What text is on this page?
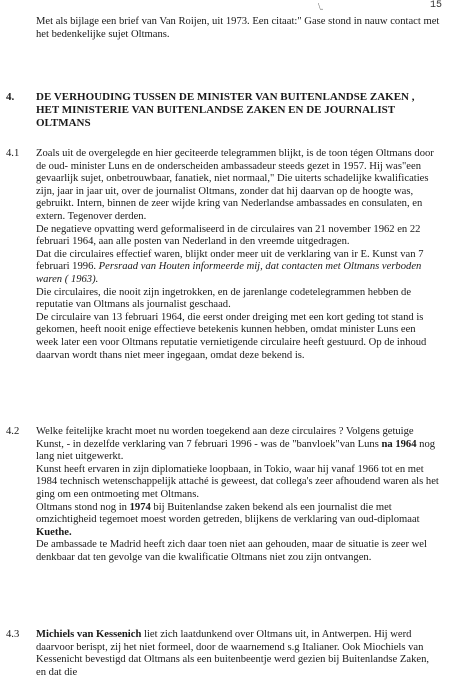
15
\.

Met als bijlage een brief van Van Roijen, uit 1973. Een citaat:" Gase stond in nauw contact met het bedenkelijke sujet Oltmans.

4. DE VERHOUDING TUSSEN DE MINISTER VAN BUITENLANDSE ZAKEN , HET MINISTERIE VAN BUITENLANDSE ZAKEN EN DE JOURNALIST OLTMANS
4.1 Zoals uit de overgelegde en hier geciteerde telegrammen blijkt, is de toon tégen Oltmans door de oud- minister Luns en de onderscheiden ambassadeur steeds gezet in 1957. Hij was"een gevaarlijk sujet, onbetrouwbaar, fanatiek, niet normaal," Die uiterts schadelijke kwalificaties zijn, jaar in jaar uit, over de journalist Oltmans, zonder dat hij daarvan op de hoogte was, gebruikt. Intern, binnen de zeer wijde kring van Nederlandse ambassades en consulaten, en extern. Tegenover derden.

De negatieve opvatting werd geformaliseerd in de circulaires van 21 november 1962 en 22 februari 1964, aan alle posten van Nederland in den vreemde uitgedragen.

Dat die circulaires effectief waren, blijkt onder meer uit de verklaring van ir E. Kunst van 7 februari 1996. Persraad van Houten informeerde mij, dat contacten met Oltmans verboden waren ( 1963).

Die circulaires, die nooit zijn ingetrokken, en de jarenlange codetelegrammen hebben de reputatie van Oltmans als journalist geschaad.

De circulaire van 13 februari 1964, die eerst onder dreiging met een kort geding tot stand is gekomen, heeft nooit enige effectieve betekenis kunnen hebben, omdat minister Luns een week later een voor Oltmans reputatie vernietigende circulaire heeft gestuurd. Op de inhoud daarvan wordt thans niet meer ingegaan, omdat deze bekend is.

4.2 Welke feitelijke kracht moet nu worden toegekend aan deze circulaires ? Volgens getuige Kunst, - in dezelfde verklaring van 7 februari 1996 - was de "banvloek"van Luns na 1964 nog lang niet uitgewerkt.

Kunst heeft ervaren in zijn diplomatieke loopbaan, in Tokio, waar hij vanaf 1966 tot en met 1984 technisch wetenschappelijk attaché is geweest, dat collega's zeer afhoudend waren als het ging om een ontmoeting met Oltmans.

Oltmans stond nog in 1974 bij Buitenlandse zaken bekend als een journalist die met omzichtigheid tegemoet moest worden getreden, blijkens de verklaring van oud-diplomaat Kuethe.

De ambassade te Madrid heeft zich daar toen niet aan gehouden, maar de situatie is zeer wel denkbaar dat ten gevolge van die kwalificatie Oltmans niet zou zijn ontvangen.

4.3 Michiels van Kessenich liet zich laatdunkend over Oltmans uit, in Antwerpen. Hij werd daarvoor berispt, zij het niet formeel, door de waarnemend s.g Italianer. Ook Miochiels van Kessenicht bevestigd dat Oltmans als een buitenbeentje werd gezien bij Buitenlandse Zaken, en dat die
